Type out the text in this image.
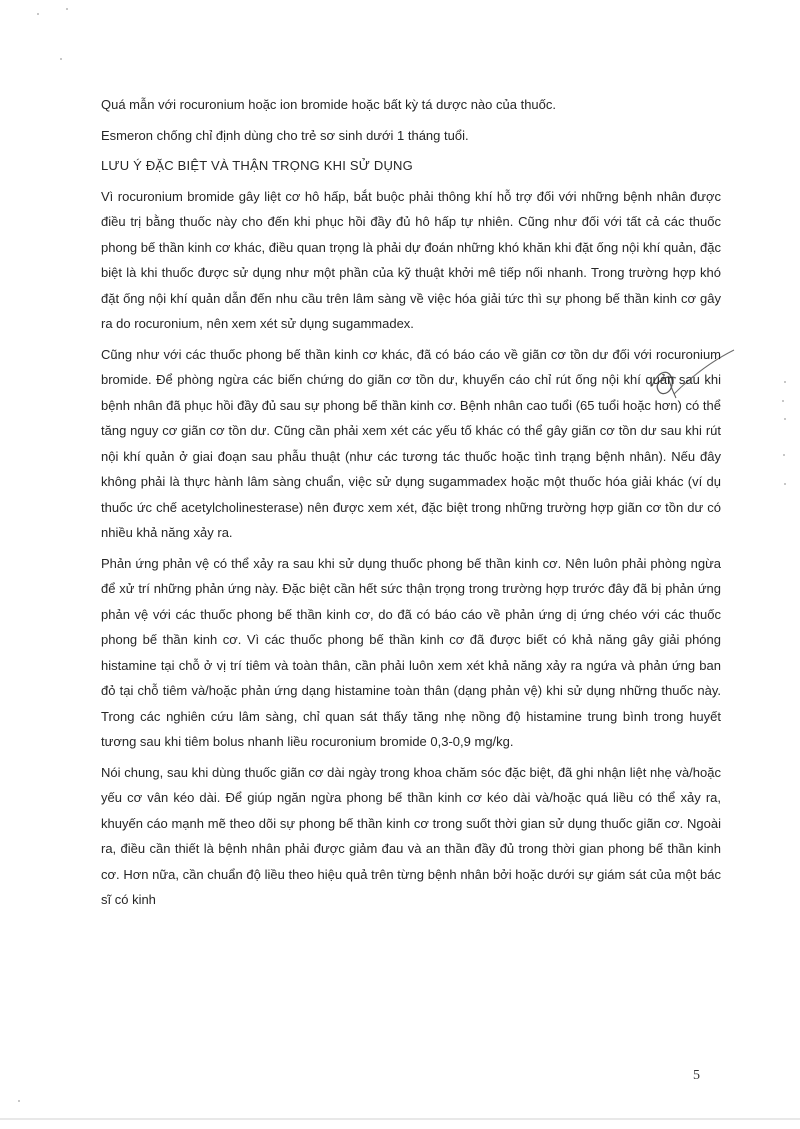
Quá mẫn với rocuronium hoặc ion bromide hoặc bất kỳ tá dược nào của thuốc.

Esmeron chống chỉ định dùng cho trẻ sơ sinh dưới 1 tháng tuổi.

LƯU Ý ĐẶC BIỆT VÀ THẬN TRỌNG KHI SỬ DỤNG

Vì rocuronium bromide gây liệt cơ hô hấp, bắt buộc phải thông khí hỗ trợ đối với những bệnh nhân được điều trị bằng thuốc này cho đến khi phục hồi đầy đủ hô hấp tự nhiên. Cũng như đối với tất cả các thuốc phong bế thần kinh cơ khác, điều quan trọng là phải dự đoán những khó khăn khi đặt ống nội khí quản, đặc biệt là khi thuốc được sử dụng như một phần của kỹ thuật khởi mê tiếp nối nhanh. Trong trường hợp khó đặt ống nội khí quản dẫn đến nhu cầu trên lâm sàng về việc hóa giải tức thì sự phong bế thần kinh cơ gây ra do rocuronium, nên xem xét sử dụng sugammadex.

Cũng như với các thuốc phong bế thần kinh cơ khác, đã có báo cáo về giãn cơ tồn dư đối với rocuronium bromide. Để phòng ngừa các biến chứng do giãn cơ tồn dư, khuyến cáo chỉ rút ống nội khí quản sau khi bệnh nhân đã phục hồi đầy đủ sau sự phong bế thần kinh cơ. Bệnh nhân cao tuổi (65 tuổi hoặc hơn) có thể tăng nguy cơ giãn cơ tồn dư. Cũng cần phải xem xét các yếu tố khác có thể gây giãn cơ tồn dư sau khi rút nội khí quản ở giai đoạn sau phẫu thuật (như các tương tác thuốc hoặc tình trạng bệnh nhân). Nếu đây không phải là thực hành lâm sàng chuẩn, việc sử dụng sugammadex hoặc một thuốc hóa giải khác (ví dụ thuốc ức chế acetylcholinesterase) nên được xem xét, đặc biệt trong những trường hợp giãn cơ tồn dư có nhiều khả năng xảy ra.

Phản ứng phản vệ có thể xảy ra sau khi sử dụng thuốc phong bế thần kinh cơ. Nên luôn phải phòng ngừa để xử trí những phản ứng này. Đặc biệt cần hết sức thận trọng trong trường hợp trước đây đã bị phản ứng phản vệ với các thuốc phong bế thần kinh cơ, do đã có báo cáo về phản ứng dị ứng chéo với các thuốc phong bế thần kinh cơ. Vì các thuốc phong bế thần kinh cơ đã được biết có khả năng gây giải phóng histamine tại chỗ ở vị trí tiêm và toàn thân, cần phải luôn xem xét khả năng xảy ra ngứa và phản ứng ban đỏ tại chỗ tiêm và/hoặc phản ứng dạng histamine toàn thân (dạng phản vệ) khi sử dụng những thuốc này. Trong các nghiên cứu lâm sàng, chỉ quan sát thấy tăng nhẹ nồng độ histamine trung bình trong huyết tương sau khi tiêm bolus nhanh liều rocuronium bromide 0,3-0,9 mg/kg.

Nói chung, sau khi dùng thuốc giãn cơ dài ngày trong khoa chăm sóc đặc biệt, đã ghi nhận liệt nhẹ và/hoặc yếu cơ vân kéo dài. Để giúp ngăn ngừa phong bế thần kinh cơ kéo dài và/hoặc quá liều có thể xảy ra, khuyến cáo mạnh mẽ theo dõi sự phong bế thần kinh cơ trong suốt thời gian sử dụng thuốc giãn cơ. Ngoài ra, điều cần thiết là bệnh nhân phải được giảm đau và an thần đầy đủ trong thời gian phong bế thần kinh cơ. Hơn nữa, cần chuẩn độ liều theo hiệu quả trên từng bệnh nhân bởi hoặc dưới sự giám sát của một bác sĩ có kinh

5
